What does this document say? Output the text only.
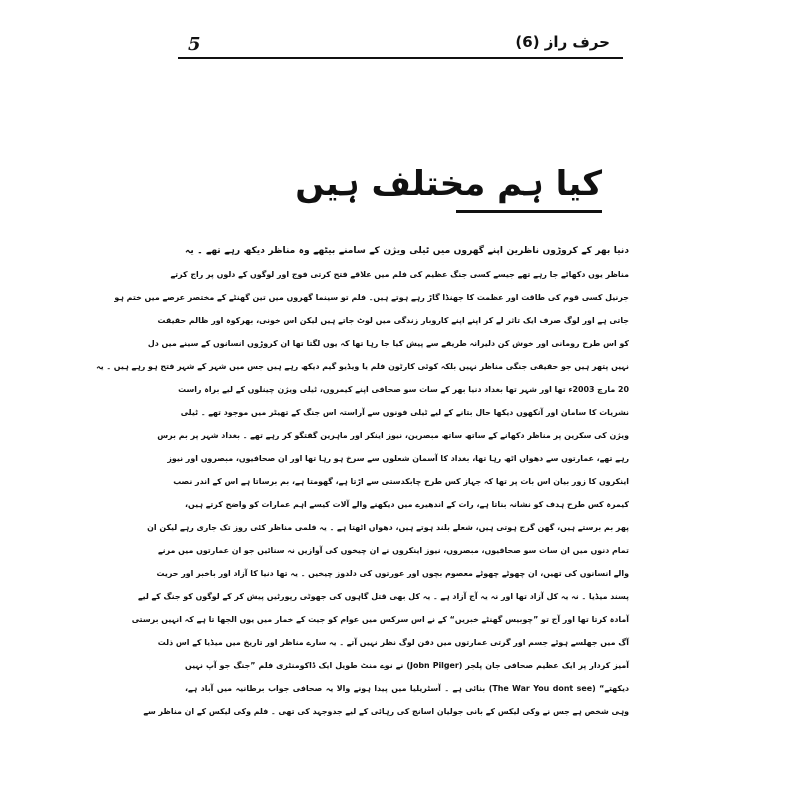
5	حرف راز (6)
کیا ہم مختلف ہیں
دنیا بھر کے کروڑوں ناظرین اپنے گھروں میں ٹیلی ویژن کے سامنے بیٹھے وہ مناظر دیکھ رہے تھے ۔ یہ
مناظر یوں دکھائے جا رہے تھے جیسے کسی جنگ عظیم کی فلم میں علاقے فتح کرتی فوج اور لوگوں کے دلوں پر راج کرتے
جرنیل کسی قوم کی طاقت اور عظمت کا جھنڈا گاڑ رہے ہوتے ہیں۔ فلم تو سینما گھروں میں تین گھنٹے کے مختصر عرصے میں ختم ہو
جاتی ہے اور لوگ صرف ایک تاثر لے کر اپنے اپنے کاروبار زندگی میں لوٹ جاتے ہیں لیکن اس خونی، بھرکوہ اور ظالم حقیقت
کو اس طرح رومانی اور خوش کن دلیرانہ طریقے سے پیش کیا جا رہا تھا کہ یوں لگتا تھا ان کروڑوں انسانوں کے سینے میں دل
نہیں پتھر ہیں جو حقیقی جنگی مناظر نہیں بلکہ کوئی کارٹون فلم یا ویڈیو گیم دیکھ رہے ہیں جس میں شہر کے شہر فتح ہو رہے ہیں ۔ یہ
20 مارچ 2003ء تھا اور شہر تھا بغداد دنیا بھر کے سات سو صحافی اپنے کیمروں، ٹیلی ویژن چینلوں کے لیے براہ راست
نشریات کا سامان اور آنکھوں دیکھا حال بتانے کے لیے ٹیلی فونوں سے آراستہ اس جنگ کے تھیٹر میں موجود تھے ۔ ٹیلی
ویژن کی سکرین پر مناظر دکھانے کے ساتھ ساتھ مبصرین، نیوز اینکر اور ماہرین گفتگو کر رہے تھے ۔ بغداد شہر پر بم برس
رہے تھے، عمارتوں سے دھواں اٹھ رہا تھا، بغداد کا آسمان شعلوں سے سرخ ہو رہا تھا اور ان صحافیوں، مبصروں اور نیوز
اینکروں کا زور بیان اس بات پر تھا کہ جہاز کس طرح چابکدستی سے اڑتا ہے، گھومتا ہے، بم برساتا ہے اس کے اندر نصب
کیمرہ کس طرح ہدف کو نشانہ بناتا ہے، رات کے اندھیرے میں دیکھنے والے آلات کیسے اہم عمارات کو واضح کرتے ہیں،
پھر بم برستے ہیں، گھن گرج ہوتی ہیں، شعلے بلند ہوتے ہیں، دھواں اٹھتا ہے ۔ یہ فلمی مناظر کئی روز تک جاری رہے لیکن ان
تمام دنوں میں ان سات سو صحافیوں، مبصروں، نیوز اینکروں نے ان چیخوں کی آوازیں نہ سنائیں جو ان عمارتوں میں مرنے
والے انسانوں کی تھیں، ان چھوٹے چھوٹے معصوم بچوں اور عورتوں کی دلدوز چیخیں ۔ یہ تھا دنیا کا آزاد اور باخبر اور حریت
پسند میڈیا ۔ نہ یہ کل آزاد تھا اور نہ یہ آج آزاد ہے ۔ یہ کل بھی قتل گاہوں کی جھوٹی رپورٹیں پیش کر کے لوگوں کو جنگ کے لیے
آمادہ کرتا تھا اور آج تو ”چوبیس گھنٹے خبریں“ کے نے اس سرکس میں عوام کو جیت کے خمار میں یوں الجھا تا ہے کہ انہیں برستی
آگ میں جھلسے ہوئے جسم اور گرتی عمارتوں میں دفن لوگ نظر نہیں آتے ۔ یہ سارے مناظر اور تاریخ میں میڈیا کے اس ذلت
آمیز کردار پر ایک عظیم صحافی جان پلجر (Jobn Pilger) نے نوے منٹ طویل ایک ڈاکومنٹری فلم ”جنگ جو آپ نہیں
دیکھتے“ (The War You dont see) بنائی ہے ۔ آسٹریلیا میں پیدا ہونے والا یہ صحافی جواب برطانیہ میں آباد ہے،
وہی شخص ہے جس نے وکی لیکس کے بانی جولیان اسانج کی رہائی کے لیے جدوجہد کی تھی ۔ فلم وکی لیکس کے ان مناظر سے
